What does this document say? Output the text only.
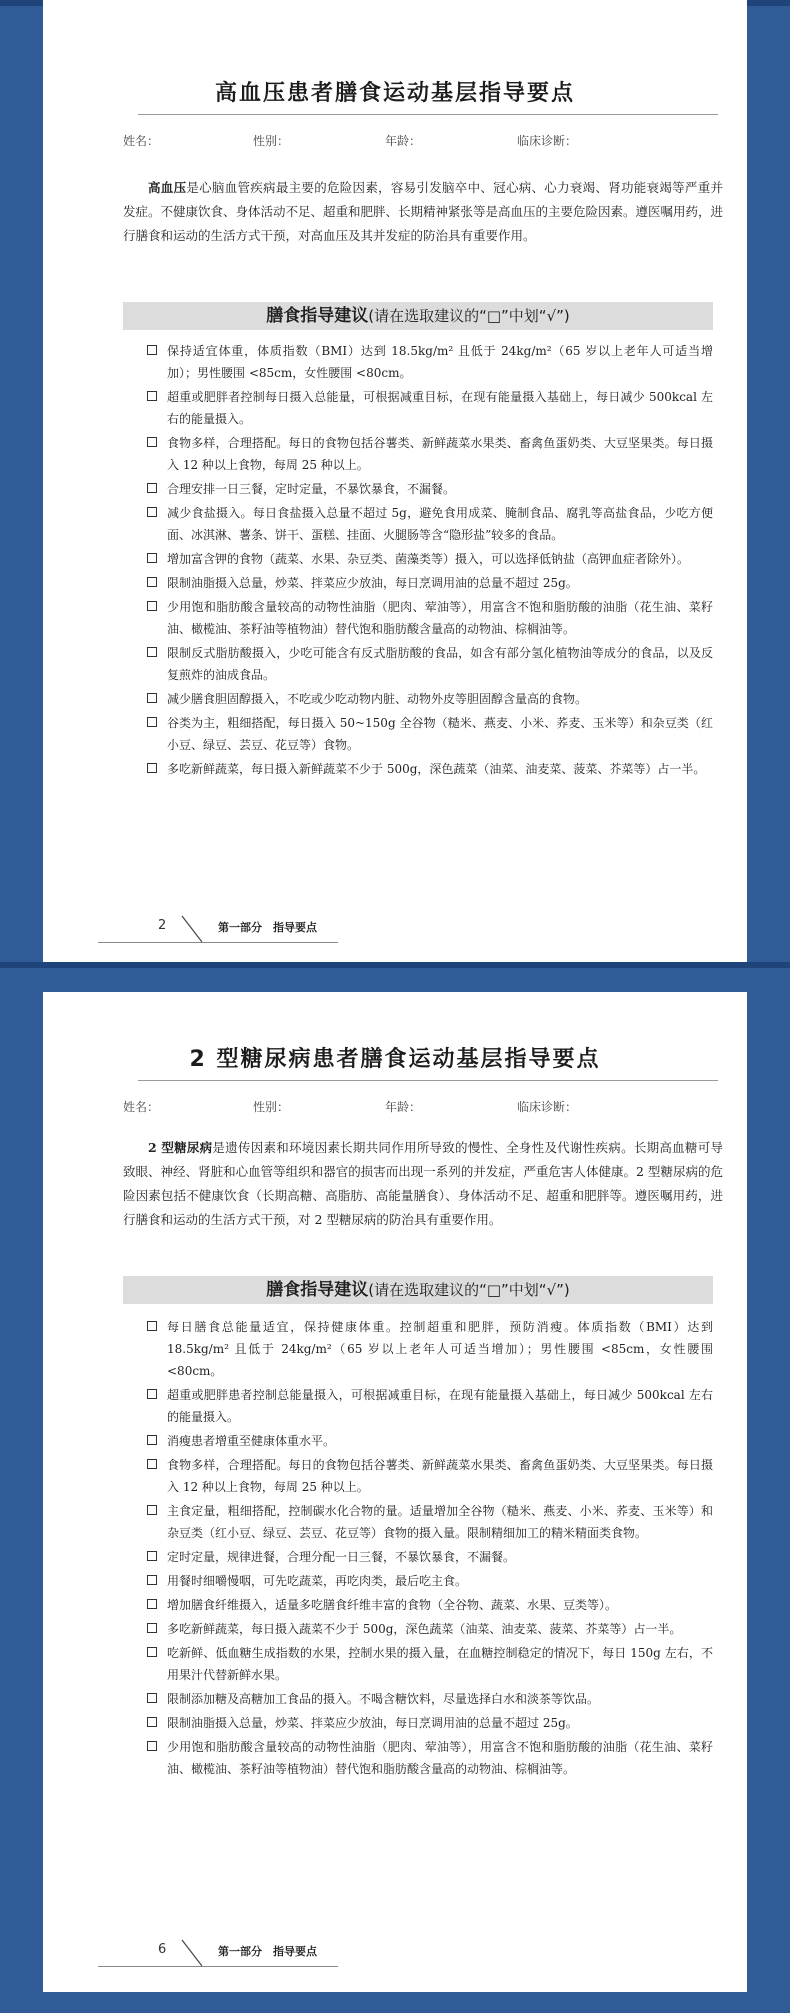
高血压患者膳食运动基层指导要点
姓名：	性别：	年龄：	临床诊断：
高血压是心脑血管疾病最主要的危险因素，容易引发脑卒中、冠心病、心力衰竭、肾功能衰竭等严重并发症。不健康饮食、身体活动不足、超重和肥胖、长期精神紧张等是高血压的主要危险因素。遵医嘱用药，进行膳食和运动的生活方式干预，对高血压及其并发症的防治具有重要作用。
膳食指导建议(请在选取建议的“□”中划“√”)
保持适宜体重，体质指数（BMI）达到 18.5kg/m² 且低于 24kg/m²（65 岁以上老年人可适当增加）；男性腰围 <85cm，女性腰围 <80cm。
超重或肥胖者控制每日摄入总能量，可根据减重目标，在现有能量摄入基础上，每日减少 500kcal 左右的能量摄入。
食物多样，合理搭配。每日的食物包括谷薯类、新鲜蔬菜水果类、畜禽鱼蛋奶类、大豆坚果类。每日摄入 12 种以上食物，每周 25 种以上。
合理安排一日三餐，定时定量，不暴饮暴食，不漏餐。
减少食盐摄入。每日食盐摄入总量不超过 5g，避免食用成菜、腌制食品、腐乳等高盐食品，少吃方便面、冰淇淋、薯条、饼干、蛋糕、挂面、火腿肠等含“隐形盐”较多的食品。
增加富含钾的食物（蔬菜、水果、杂豆类、菌藻类等）摄入，可以选择低钠盐（高钾血症者除外）。
限制油脂摄入总量，炒菜、拌菜应少放油，每日烹调用油的总量不超过 25g。
少用饱和脂肪酸含量较高的动物性油脂（肥肉、荤油等），用富含不饱和脂肪酸的油脂（花生油、菜籽油、橄榄油、茶籽油等植物油）替代饱和脂肪酸含量高的动物油、棕榈油等。
限制反式脂肪酸摄入，少吃可能含有反式脂肪酸的食品，如含有部分氢化植物油等成分的食品，以及反复煎炸的油成食品。
减少膳食胆固醇摄入，不吃或少吃动物内脏、动物外皮等胆固醇含量高的食物。
谷类为主，粗细搭配，每日摄入 50~150g 全谷物（糙米、燕麦、小米、荞麦、玉米等）和杂豆类（红小豆、绿豆、芸豆、花豆等）食物。
多吃新鲜蔬菜，每日摄入新鲜蔬菜不少于 500g，深色蔬菜（油菜、油麦菜、菠菜、芥菜等）占一半。
2	第一部分　指导要点
2 型糖尿病患者膳食运动基层指导要点
姓名：	性别：	年龄：	临床诊断：
2 型糖尿病是遗传因素和环境因素长期共同作用所导致的慢性、全身性及代谢性疾病。长期高血糖可导致眼、神经、肾脏和心血管等组织和器官的损害而出现一系列的并发症，严重危害人体健康。2 型糖尿病的危险因素包括不健康饮食（长期高糖、高脂肪、高能量膳食）、身体活动不足、超重和肥胖等。遵医嘱用药，进行膳食和运动的生活方式干预，对 2 型糖尿病的防治具有重要作用。
膳食指导建议(请在选取建议的“□”中划“√”)
每日膳食总能量适宜，保持健康体重。控制超重和肥胖，预防消瘦。体质指数（BMI）达到 18.5kg/m² 且低于 24kg/m²（65 岁以上老年人可适当增加）；男性腰围 <85cm，女性腰围 <80cm。
超重或肥胖患者控制总能量摄入，可根据减重目标，在现有能量摄入基础上，每日减少 500kcal 左右的能量摄入。
消瘦患者增重至健康体重水平。
食物多样，合理搭配。每日的食物包括谷薯类、新鲜蔬菜水果类、畜禽鱼蛋奶类、大豆坚果类。每日摄入 12 种以上食物，每周 25 种以上。
主食定量，粗细搭配，控制碳水化合物的量。适量增加全谷物（糙米、燕麦、小米、荞麦、玉米等）和杂豆类（红小豆、绿豆、芸豆、花豆等）食物的摄入量。限制精细加工的精米精面类食物。
定时定量，规律进餐，合理分配一日三餐，不暴饮暴食，不漏餐。
用餐时细嚼慢咽，可先吃蔬菜，再吃肉类，最后吃主食。
增加膳食纤维摄入，适量多吃膳食纤维丰富的食物（全谷物、蔬菜、水果、豆类等）。
多吃新鲜蔬菜，每日摄入蔬菜不少于 500g，深色蔬菜（油菜、油麦菜、菠菜、芥菜等）占一半。
吃新鲜、低血糖生成指数的水果，控制水果的摄入量，在血糖控制稳定的情况下，每日 150g 左右，不用果汁代替新鲜水果。
限制添加糖及高糖加工食品的摄入。不喝含糖饮料，尽量选择白水和淡茶等饮品。
限制油脂摄入总量，炒菜、拌菜应少放油，每日烹调用油的总量不超过 25g。
少用饱和脂肪酸含量较高的动物性油脂（肥肉、荤油等），用富含不饱和脂肪酸的油脂（花生油、菜籽油、橄榄油、茶籽油等植物油）替代饱和脂肪酸含量高的动物油、棕榈油等。
6	第一部分　指导要点
